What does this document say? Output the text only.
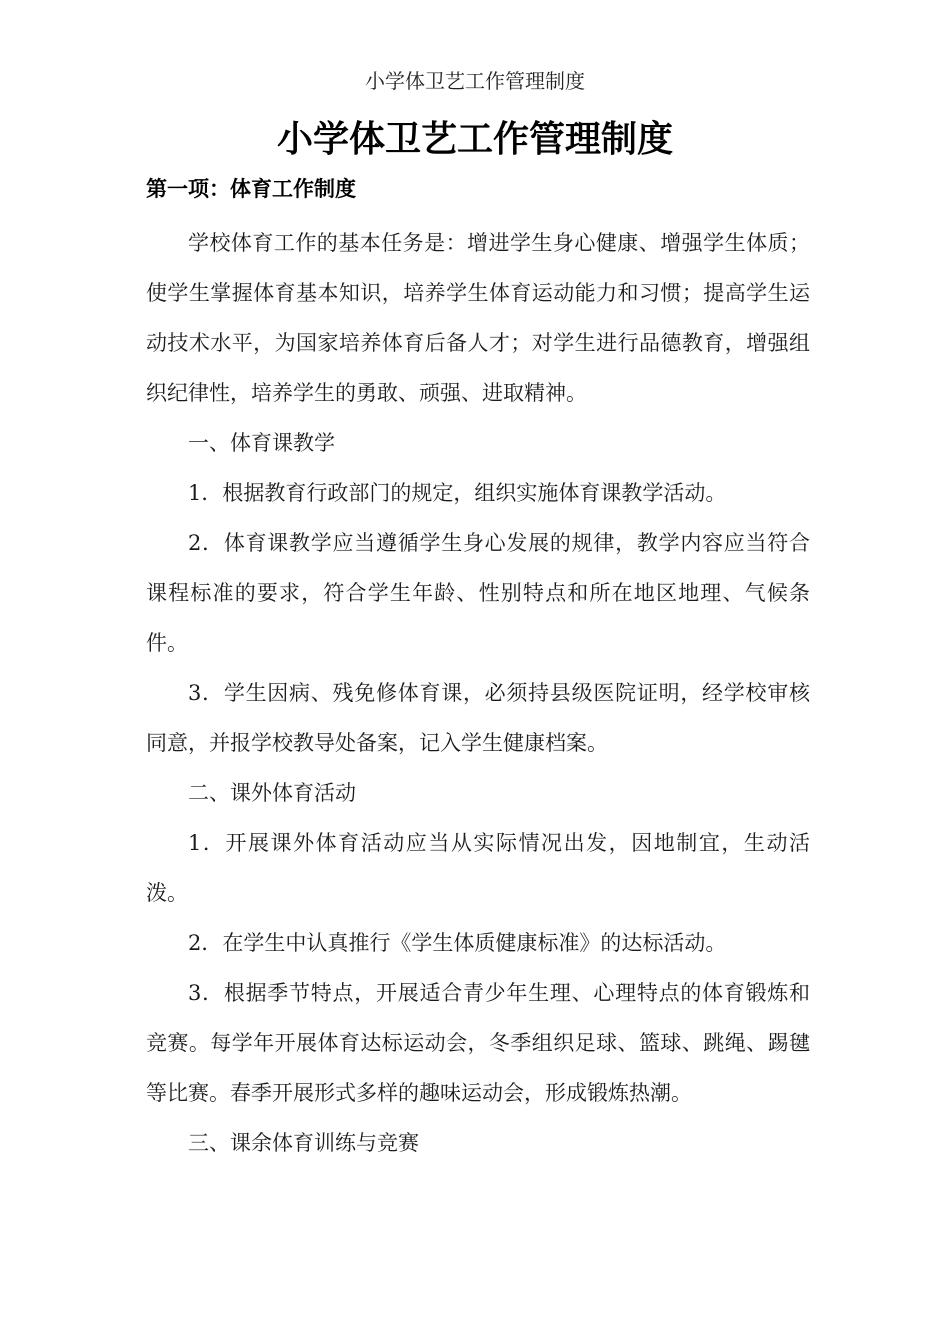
小学体卫艺工作管理制度
小学体卫艺工作管理制度
第一项：体育工作制度

学校体育工作的基本任务是：增进学生身心健康、增强学生体质；使学生掌握体育基本知识，培养学生体育运动能力和习惯；提高学生运动技术水平，为国家培养体育后备人才；对学生进行品德教育，增强组织纪律性，培养学生的勇敢、顽强、进取精神。

一、体育课教学

1．根据教育行政部门的规定，组织实施体育课教学活动。

2．体育课教学应当遵循学生身心发展的规律，教学内容应当符合课程标准的要求，符合学生年龄、性别特点和所在地区地理、气候条件。

3．学生因病、残免修体育课，必须持县级医院证明，经学校审核同意，并报学校教导处备案，记入学生健康档案。

二、课外体育活动

1．开展课外体育活动应当从实际情况出发，因地制宜，生动活泼。

2．在学生中认真推行《学生体质健康标准》的达标活动。

3．根据季节特点，开展适合青少年生理、心理特点的体育锻炼和竞赛。每学年开展体育达标运动会，冬季组织足球、篮球、跳绳、踢毽等比赛。春季开展形式多样的趣味运动会，形成锻炼热潮。

三、课余体育训练与竞赛
